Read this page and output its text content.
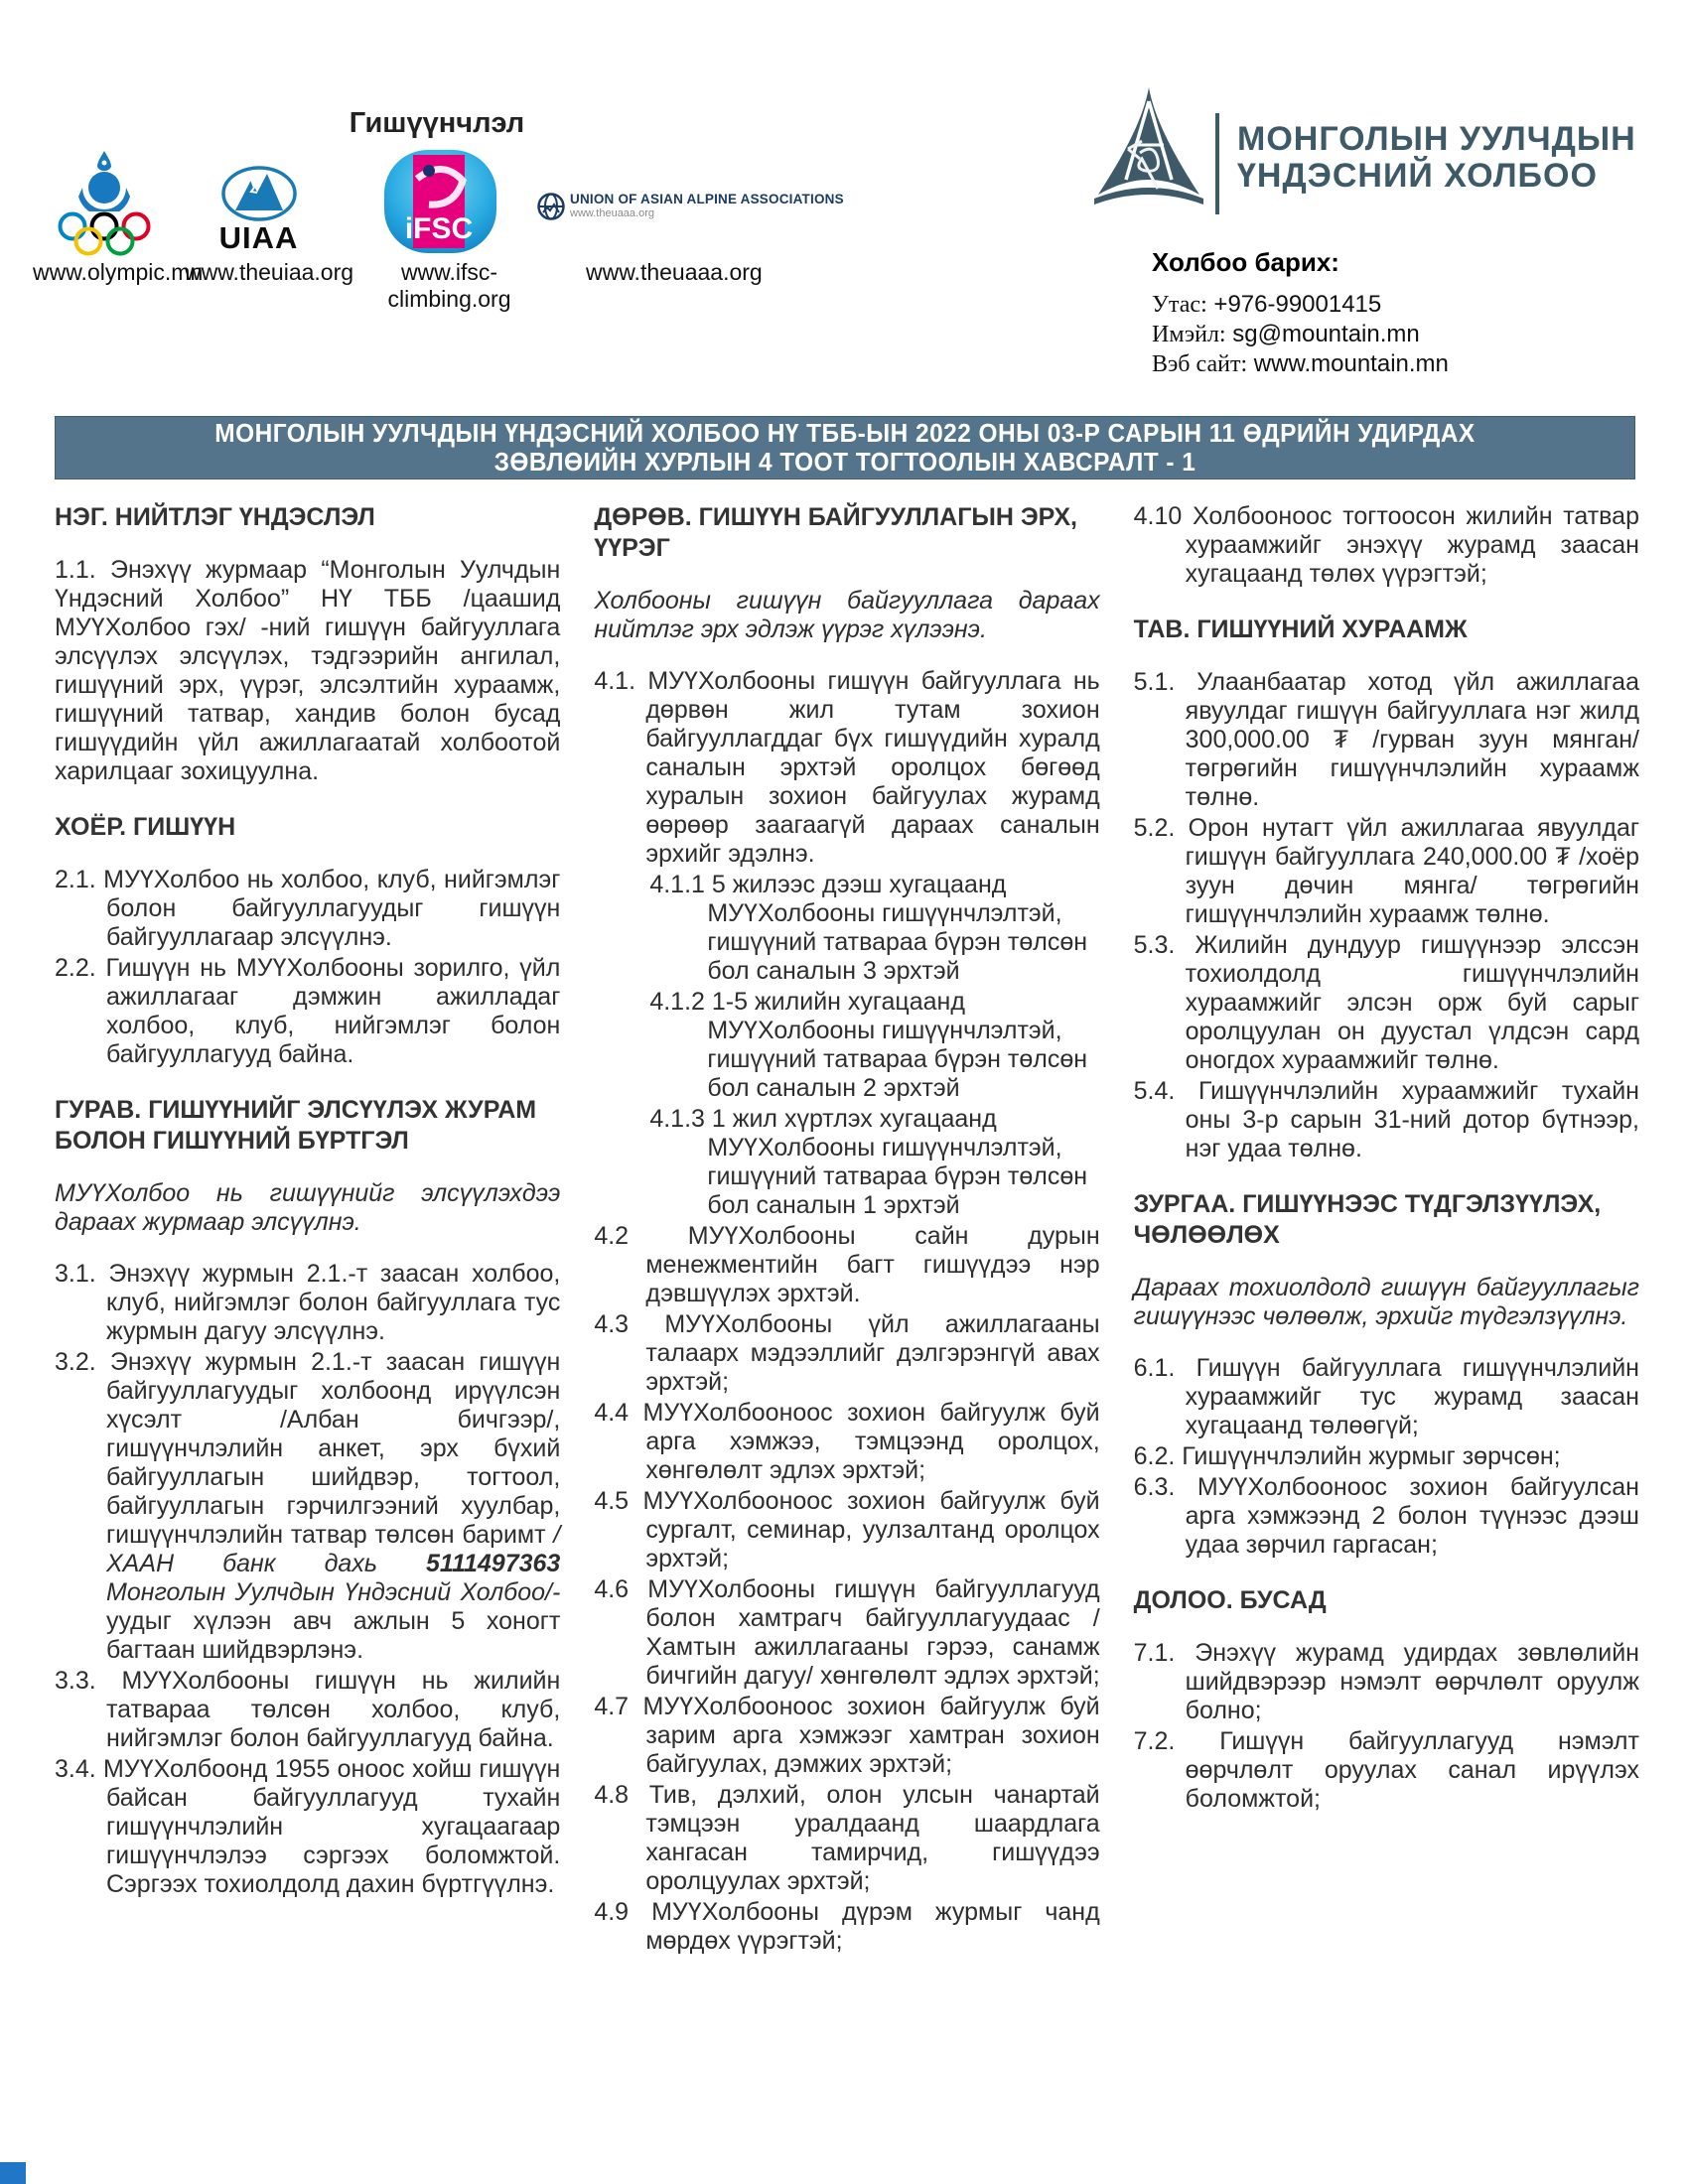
Гишүүнчлэл
www.olympic.mn
UIAA
www.theuiaa.org
iFSC
www.ifsc-climbing.org
UNION OF ASIAN ALPINE ASSOCIATIONS
www.theuaaa.org
www.theuaaa.org
МОНГОЛЫН УУЛЧДЫН
ҮНДЭСНИЙ ХОЛБОО
Холбоо барих:
Утас: +976-99001415
Имэйл: sg@mountain.mn
Вэб сайт: www.mountain.mn
МОНГОЛЫН УУЛЧДЫН ҮНДЭСНИЙ ХОЛБОО НҮ ТББ-ЫН 2022 ОНЫ 03-Р САРЫН 11 ӨДРИЙН УДИРДАХ
ЗӨВЛӨИЙН ХУРЛЫН 4 ТООТ ТОГТООЛЫН ХАВСРАЛТ - 1
НЭГ. НИЙТЛЭГ ҮНДЭСЛЭЛ
1.1. Энэхүү журмаар “Монголын Уулчдын Үндэсний Холбоо” НҮ ТББ /цаашид МУҮХолбоо гэх/ -ний гишүүн байгууллага элсүүлэх элсүүлэх, тэдгээрийн ангилал, гишүүний эрх, үүрэг, элсэлтийн хураамж, гишүүний татвар, хандив болон бусад гишүүдийн үйл ажиллагаатай холбоотой харилцааг зохицуулна.
ХОЁР. ГИШҮҮН
2.1. МУҮХолбоо нь холбоо, клуб, нийгэмлэг болон байгууллагуудыг гишүүн байгууллагаар элсүүлнэ.
2.2. Гишүүн нь МУҮХолбооны зорилго, үйл ажиллагааг дэмжин ажилладаг холбоо, клуб, нийгэмлэг болон байгууллагууд байна.
ГУРАВ. ГИШҮҮНИЙГ ЭЛСҮҮЛЭХ ЖУРАМ БОЛОН ГИШҮҮНИЙ БҮРТГЭЛ
МУҮХолбоо нь гишүүнийг элсүүлэхдээ дараах журмаар элсүүлнэ.
3.1. Энэхүү журмын 2.1.-т заасан холбоо, клуб, нийгэмлэг болон байгууллага тус журмын дагуу элсүүлнэ.
3.2. Энэхүү журмын 2.1.-т заасан гишүүн байгууллагуудыг холбоонд ирүүлсэн хүсэлт /Албан бичгээр/, гишүүнчлэлийн анкет, эрх бүхий байгууллагын шийдвэр, тогтоол, байгууллагын гэрчилгээний хуулбар, гишүүнчлэлийн татвар төлсөн баримт /ХААН банк дахь 5111497363 Монголын Уулчдын Үндэсний Холбоо/- уудыг хүлээн авч ажлын 5 хоногт багтаан шийдвэрлэнэ.
3.3. МУҮХолбооны гишүүн нь жилийн татвараа төлсөн холбоо, клуб, нийгэмлэг болон байгууллагууд байна.
3.4. МУҮХолбоонд 1955 оноос хойш гишүүн байсан байгууллагууд тухайн гишүүнчлэлийн хугацаагаар гишүүнчлэлээ сэргээх боломжтой. Сэргээх тохиолдолд дахин бүртгүүлнэ.
ДӨРӨВ. ГИШҮҮН БАЙГУУЛЛАГЫН ЭРХ, ҮҮРЭГ
Холбооны гишүүн байгууллага дараах нийтлэг эрх эдлэж үүрэг хүлээнэ.
4.1. МУҮХолбооны гишүүн байгууллага нь дөрвөн жил тутам зохион байгууллагддаг бүх гишүүдийн хуралд саналын эрхтэй оролцох бөгөөд хуралын зохион байгуулах журамд өөрөөр заагаагүй дараах саналын эрхийг эдэлнэ.
4.1.1 5 жилээс дээш хугацаанд МУҮХолбооны гишүүнчлэлтэй, гишүүний татвараа бүрэн төлсөн бол саналын 3 эрхтэй
4.1.2 1-5 жилийн хугацаанд МУҮХолбооны гишүүнчлэлтэй, гишүүний татвараа бүрэн төлсөн бол саналын 2 эрхтэй
4.1.3 1 жил хүртлэх хугацаанд МУҮХолбооны гишүүнчлэлтэй, гишүүний татвараа бүрэн төлсөн бол саналын 1 эрхтэй
4.2 МУҮХолбооны сайн дурын менежментийн багт гишүүдээ нэр дэвшүүлэх эрхтэй.
4.3 МУҮХолбооны үйл ажиллагааны талаарх мэдээллийг дэлгэрэнгүй авах эрхтэй;
4.4 МУҮХолбооноос зохион байгуулж буй арга хэмжээ, тэмцээнд оролцох, хөнгөлөлт эдлэх эрхтэй;
4.5 МУҮХолбооноос зохион байгуулж буй сургалт, семинар, уулзалтанд оролцох эрхтэй;
4.6 МУҮХолбооны гишүүн байгууллагууд болон хамтрагч байгууллагуудаас /Хамтын ажиллагааны гэрээ, санамж бичгийн дагуу/ хөнгөлөлт эдлэх эрхтэй;
4.7 МУҮХолбооноос зохион байгуулж буй зарим арга хэмжээг хамтран зохион байгуулах, дэмжих эрхтэй;
4.8 Тив, дэлхий, олон улсын чанартай тэмцээн уралдаанд шаардлага хангасан тамирчид, гишүүдээ оролцуулах эрхтэй;
4.9 МУҮХолбооны дүрэм журмыг чанд мөрдөх үүрэгтэй;
4.10 Холбооноос тогтоосон жилийн татвар хураамжийг энэхүү журамд заасан хугацаанд төлөх үүрэгтэй;
ТАВ. ГИШҮҮНИЙ ХУРААМЖ
5.1. Улаанбаатар хотод үйл ажиллагаа явуулдаг гишүүн байгууллага нэг жилд 300,000.00 ₮ /гурван зуун мянган/ төгрөгийн гишүүнчлэлийн хураамж төлнө.
5.2. Орон нутагт үйл ажиллагаа явуулдаг гишүүн байгууллага 240,000.00 ₮ /хоёр зуун дөчин мянга/ төгрөгийн гишүүнчлэлийн хураамж төлнө.
5.3. Жилийн дундуур гишүүнээр элссэн тохиолдолд гишүүнчлэлийн хураамжийг элсэн орж буй сарыг оролцуулан он дуустал үлдсэн сард оногдох хураамжийг төлнө.
5.4. Гишүүнчлэлийн хураамжийг тухайн оны 3-р сарын 31-ний дотор бүтнээр, нэг удаа төлнө.
ЗУРГАА. ГИШҮҮНЭЭС ТҮДГЭЛЗҮҮЛЭХ, ЧӨЛӨӨЛӨХ
Дараах тохиолдолд гишүүн байгууллагыг гишүүнээс чөлөөлж, эрхийг түдгэлзүүлнэ.
6.1. Гишүүн байгууллага гишүүнчлэлийн хураамжийг тус журамд заасан хугацаанд төлөөгүй;
6.2. Гишүүнчлэлийн журмыг зөрчсөн;
6.3. МУҮХолбооноос зохион байгуулсан арга хэмжээнд 2 болон түүнээс дээш удаа зөрчил гаргасан;
ДОЛОО. БУСАД
7.1. Энэхүү журамд удирдах зөвлөлийн шийдвэрээр нэмэлт өөрчлөлт оруулж болно;
7.2. Гишүүн байгууллагууд нэмэлт өөрчлөлт оруулах санал ирүүлэх боломжтой;
